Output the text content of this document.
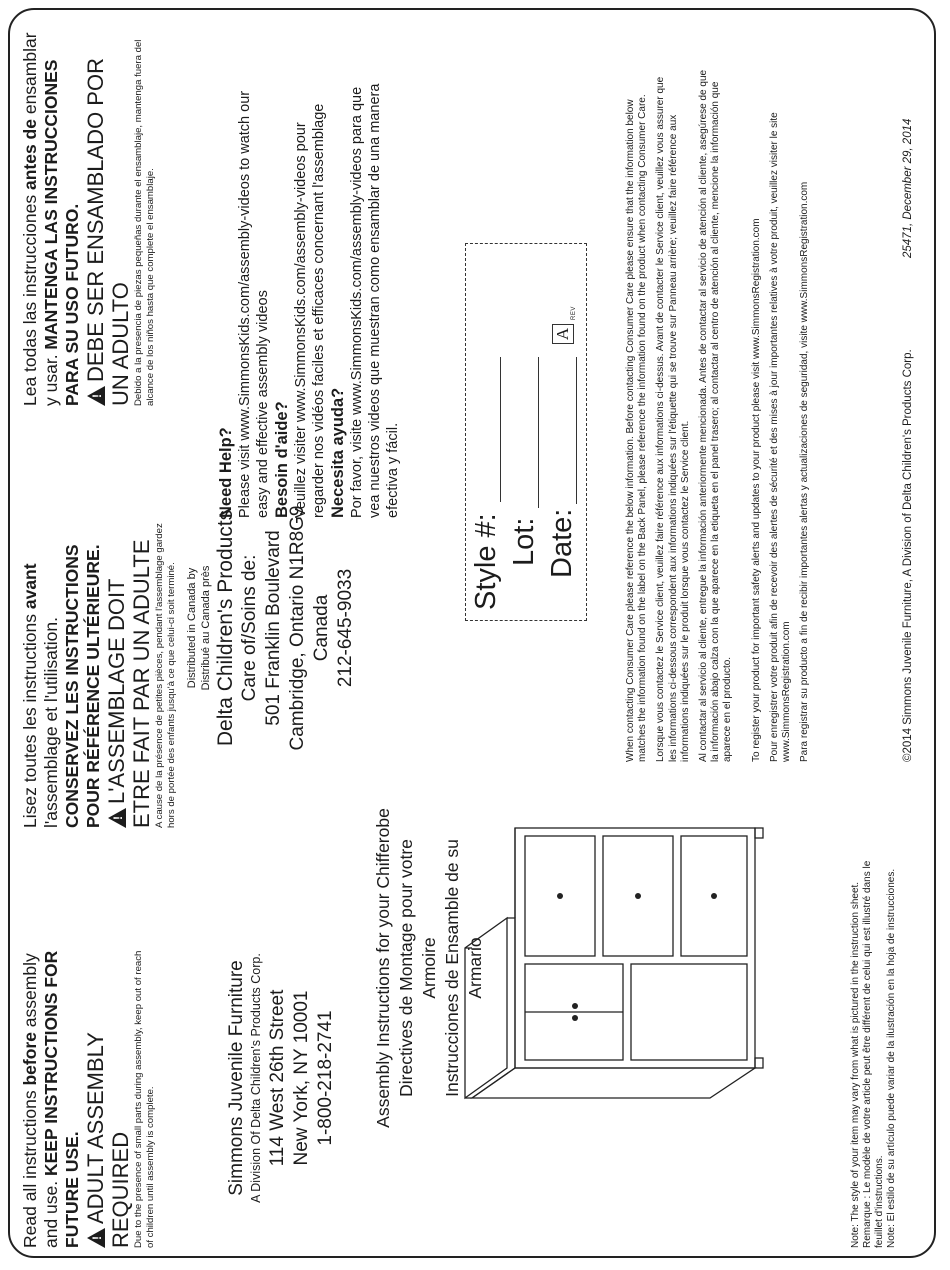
Read all instructions before assembly and use. KEEP INSTRUCTIONS FOR FUTURE USE.

! ADULT ASSEMBLY REQUIRED Due to the presence of small parts during assembly, keep out of reach of children until assembly is complete.

Lisez toutes les instructions avant l'assemblage et l'utilisation. CONSERVEZ LES INSTRUCTIONS POUR RÉFÉRENCE ULTÉRIEURE.

! L'ASSEMBLAGE DOIT ETRE FAIT PAR UN ADULTE A cause de la présence de petites pièces, pendant l'assemblage gardez hors de portée des enfants jusqu'à ce que celui-ci soit terminé.

Lea todas las instrucciones antes de ensamblar y usar. MANTENGA LAS INSTRUCCIONES PARA SU USO FUTURO.

! DEBE SER ENSAMBLADO POR UN ADULTO Debido a la presencia de piezas pequeñas durante el ensamblaje, mantenga fuera del alcance de los niños hasta que complete el ensamblaje.

Simmons Juvenile Furniture A Division Of Delta Children's Products Corp. 114 West 26th Street New York, NY 10001 1-800-218-2741

Distributed in Canada by Distribué au Canada près Delta Children's Products Care of/Soins de: 501 Franklin Boulevard Cambridge, Ontario N1R8G9 Canada 212-645-9033

Need Help? Please visit www.SimmonsKids.com/assembly-videos to watch our easy and effective assembly videos Besoin d'aide? Veuillez visiter www.SimmonsKids.com/assembly-videos pour regarder nos vidéos faciles et efficaces concernant l'assemblage Necesita ayuda? Por favor, visite www.SimmonsKids.com/assembly-videos para que vea nuestros videos que muestran como ensamblar de una manera efectiva y fácil.

Assembly Instructions for your Chifferobe Directives de Montage pour votre Armoire Instrucciones de Ensamble de su Armario

Style #: Lot: Date:
A
REV

Note: The style of your item may vary from what is pictured in the instruction sheet. Remarque : Le modèle de votre article peut être différent de celui qui est illustré dans le feuillet d'instructions. Note: El estilo de su artículo puede variar de la ilustración en la hoja de instrucciones.

When contacting Consumer Care please reference the below information. Before contacting Consumer Care please ensure that the information below matches the information found on the label on the Back Panel, please reference the information found on the product when contacting Consumer Care. Lorsque vous contactez le Service client, veuillez faire référence aux informations ci-dessus. Avant de contacter le Service client, veuillez vous assurer que les informations ci-dessous correspondent aux informations indiquées sur l'étiquette qui se trouve sur Panneau arrière; veuillez faire référence aux informations indiquées sur le produit lorsque vous contactez le Service client. Al contactar al servicio al cliente, entregue la información anteriormente mencionada. Antes de contactar al servicio de atención al cliente, asegúrese de que la información abajo calza con la que aparece en la etiqueta en el panel trasero; al contactar al centro de atención al cliente, mencione la información que aparece en el producto. To register your product for important safety alerts and updates to your product please visit www.SimmonsRegistration.com Pour enregistrer votre produit afin de recevoir des alertes de sécurité et des mises à jour importantes relatives à votre produit, veuillez visiter le site www.SimmonsRegistration.com Para registrar su producto a fin de recibir importantes alertas y actualizaciones de seguridad, visite www.SimmonsRegistration.com	©2014 Simmons Juvenile Furniture, A Division of Delta Children's Products Corp.
25471, December 29, 2014
